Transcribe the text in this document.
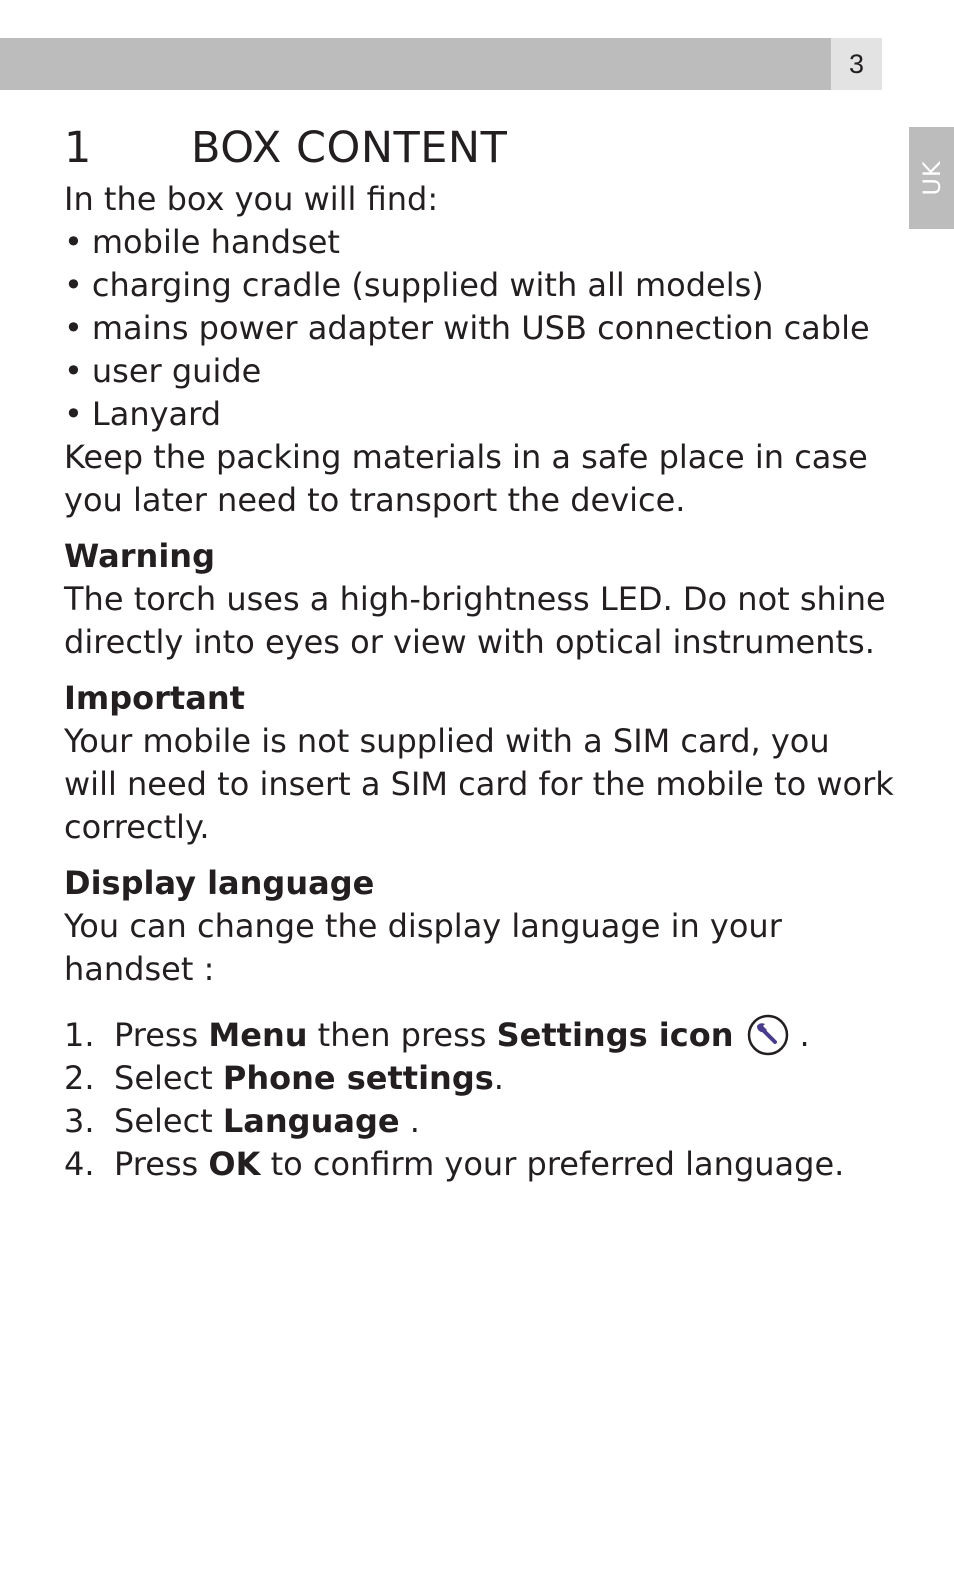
3
UK
1	BOX CONTENT

In the box you will find:

• mobile handset
• charging cradle (supplied with all models)
• mains power adapter with USB connection cable
• user guide
• Lanyard

Keep the packing materials in a safe place in case

you later need to transport the device.

Warning

The torch uses a high-brightness LED. Do not shine

directly into eyes or view with optical instruments.

Important

Your mobile is not supplied with a SIM card, you

will need to insert a SIM card for the mobile to work

correctly.

Display language

You can change the display language in your

handset :

1. Press Menu then press Settings icon .
2. Select Phone settings.
3. Select Language .
4. Press OK to confirm your preferred language.
